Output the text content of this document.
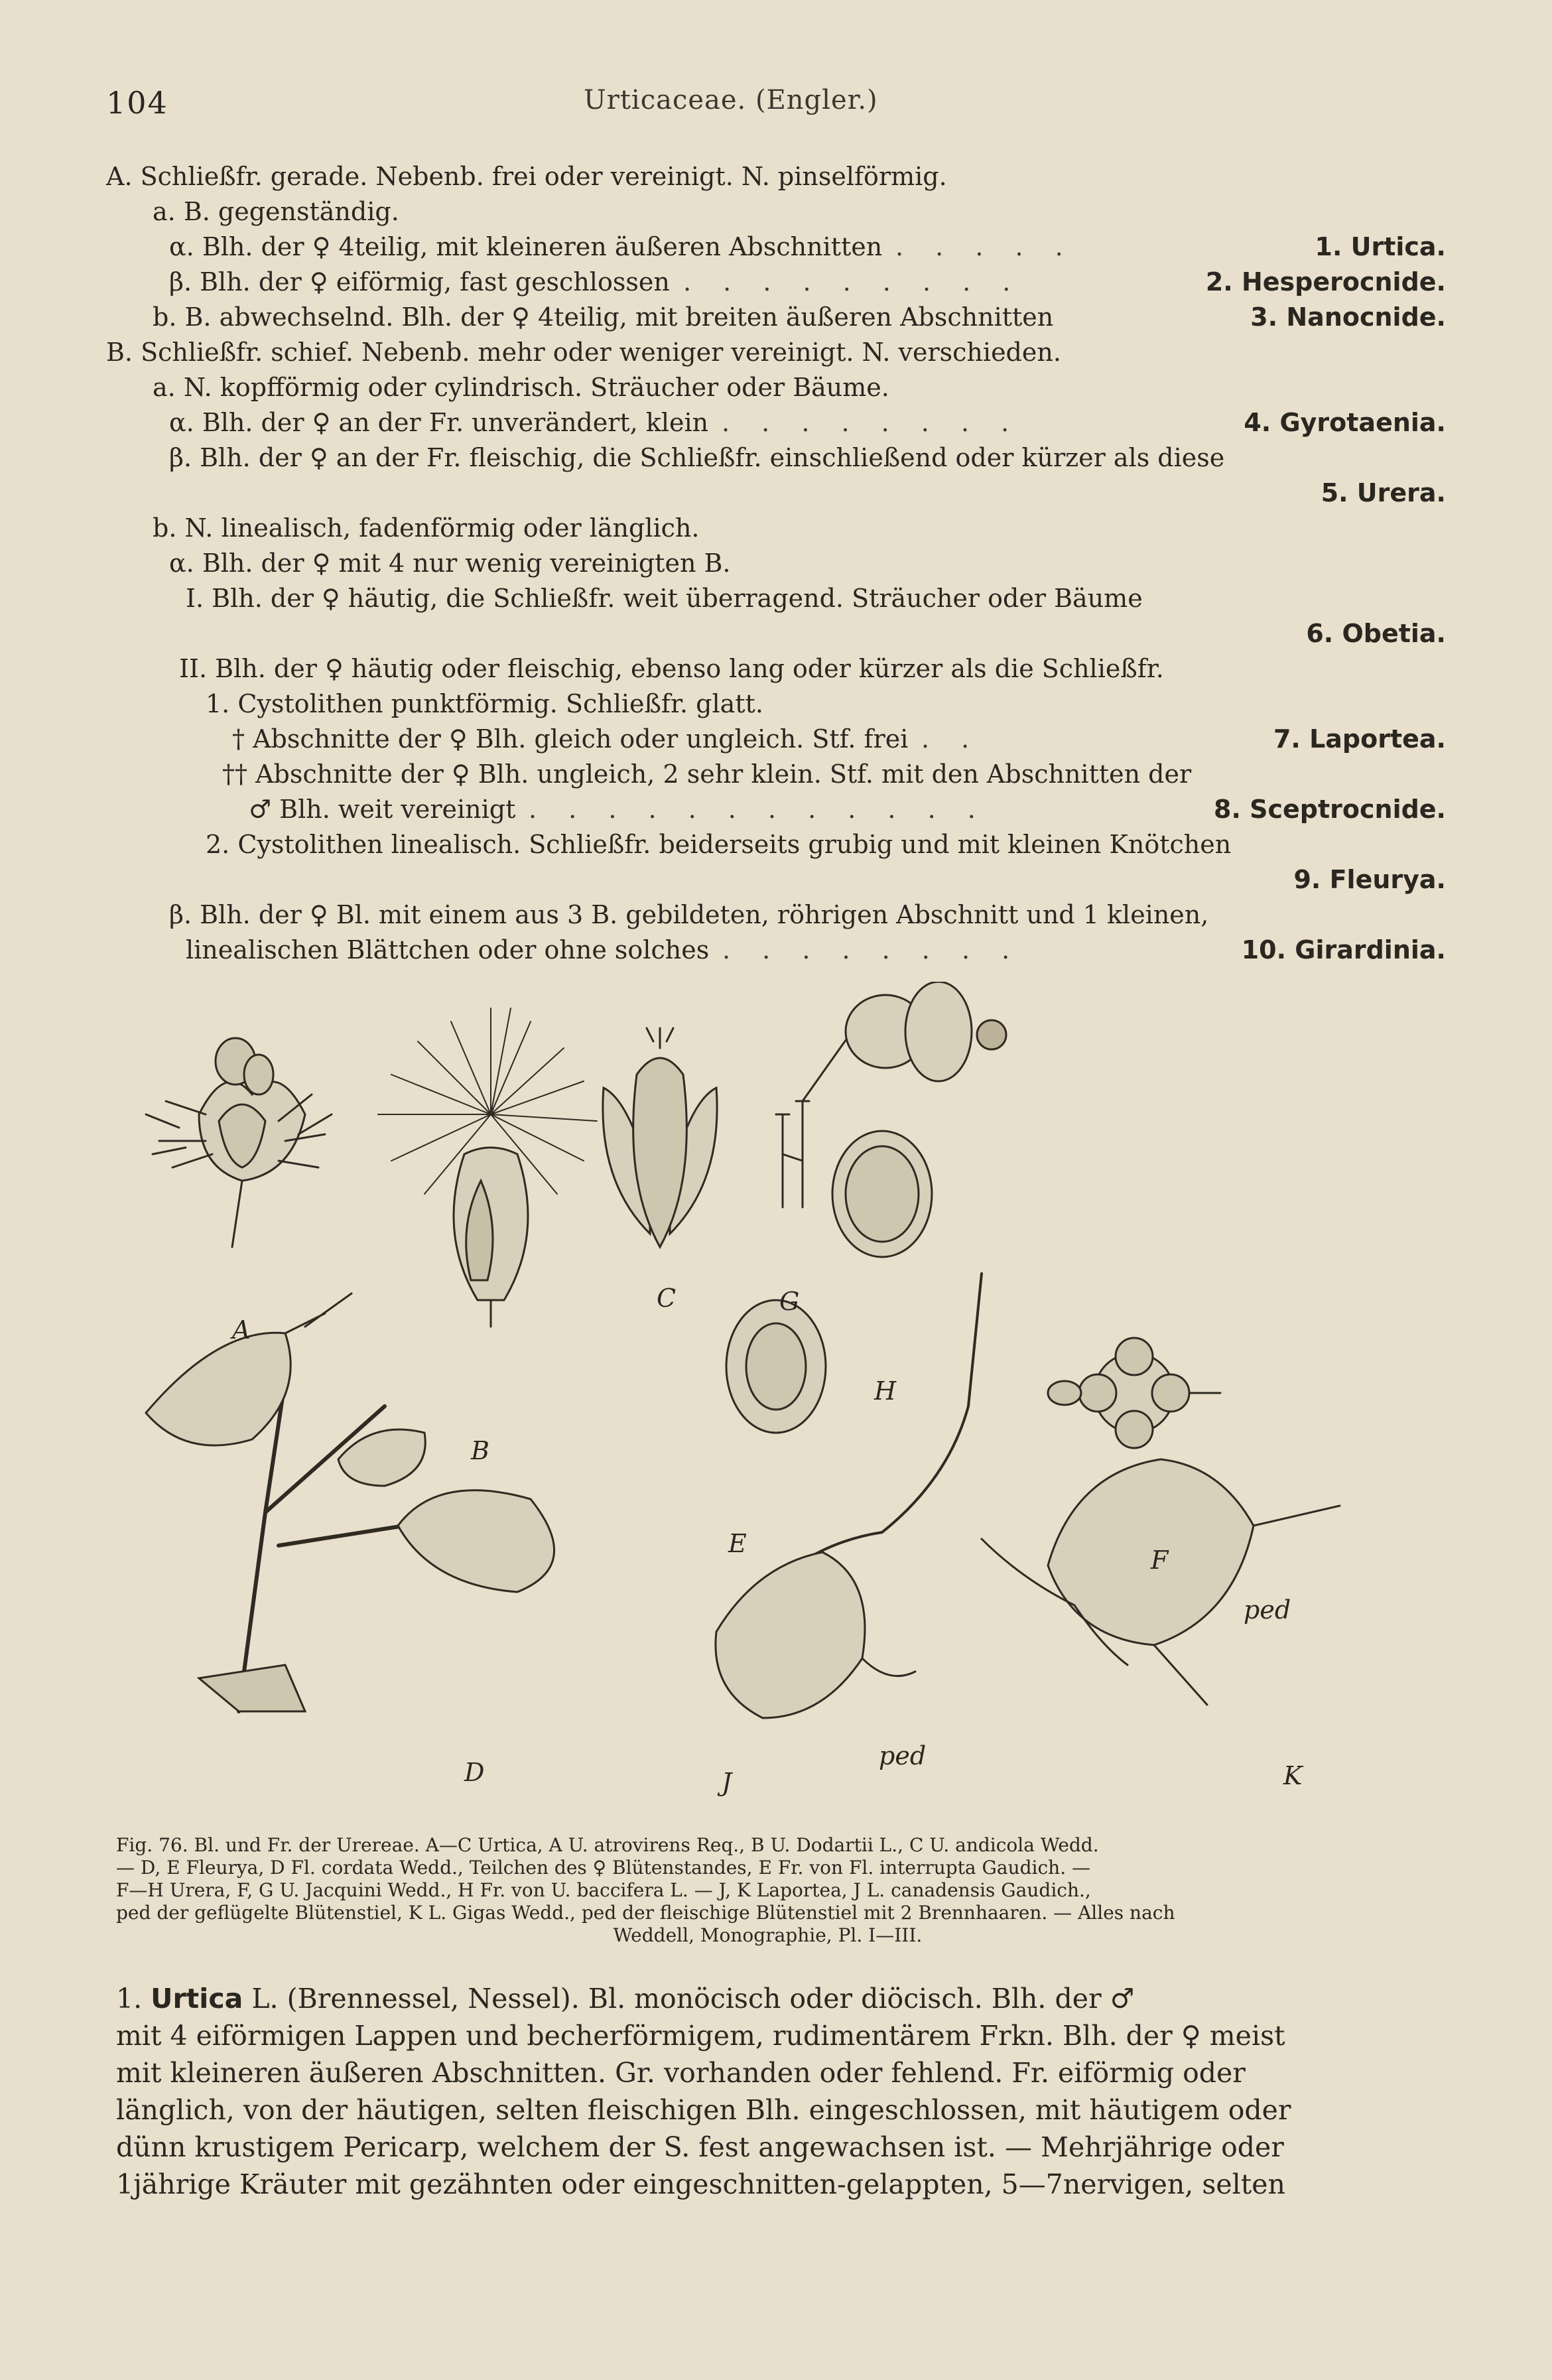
104	Urticaceae. (Engler.)
A. Schließfr. gerade. Nebenb. frei oder vereinigt. N. pinselförmig.
a. B. gegenständig.
α. Blh. der ♀ 4teilig, mit kleineren äußeren Abschnitten . . . . .	1. Urtica.
β. Blh. der ♀ eiförmig, fast geschlossen . . . . . . . . .	2. Hesperocnide.
b. B. abwechselnd. Blh. der ♀ 4teilig, mit breiten äußeren Abschnitten	3. Nanocnide.
B. Schließfr. schief. Nebenb. mehr oder weniger vereinigt. N. verschieden.
a. N. kopfförmig oder cylindrisch. Sträucher oder Bäume.
α. Blh. der ♀ an der Fr. unverändert, klein . . . . . . . .	4. Gyrotaenia.
β. Blh. der ♀ an der Fr. fleischig, die Schließfr. einschließend oder kürzer als diese
5. Urera.
b. N. linealisch, fadenförmig oder länglich.
α. Blh. der ♀ mit 4 nur wenig vereinigten B.
I. Blh. der ♀ häutig, die Schließfr. weit überragend. Sträucher oder Bäume
6. Obetia.
II. Blh. der ♀ häutig oder fleischig, ebenso lang oder kürzer als die Schließfr.
1. Cystolithen punktförmig. Schließfr. glatt.
† Abschnitte der ♀ Blh. gleich oder ungleich. Stf. frei . .	7. Laportea.
†† Abschnitte der ♀ Blh. ungleich, 2 sehr klein. Stf. mit den Abschnitten der
♂ Blh. weit vereinigt . . . . . . . . . . . .	8. Sceptrocnide.
2. Cystolithen linealisch. Schließfr. beiderseits grubig und mit kleinen Knötchen
9. Fleurya.
β. Blh. der ♀ Bl. mit einem aus 3 B. gebildeten, röhrigen Abschnitt und 1 kleinen,
linealischen Blättchen oder ohne solches . . . . . . . .	10. Girardinia.
A
B
C	G
H
E
F
D	J	K
ped
ped
Fig. 76. Bl. und Fr. der Urereae. A—C Urtica, A U. atrovirens Req., B U. Dodartii L., C U. andicola Wedd.
— D, E Fleurya, D Fl. cordata Wedd., Teilchen des ♀ Blütenstandes, E Fr. von Fl. interrupta Gaudich. —
F—H Urera, F, G U. Jacquini Wedd., H Fr. von U. baccifera L. — J, K Laportea, J L. canadensis Gaudich.,
ped der geflügelte Blütenstiel, K L. Gigas Wedd., ped der fleischige Blütenstiel mit 2 Brennhaaren. — Alles nach
Weddell, Monographie, Pl. I—III.
1. Urtica L. (Brennessel, Nessel). Bl. monöcisch oder diöcisch. Blh. der ♂
mit 4 eiförmigen Lappen und becherförmigem, rudimentärem Frkn. Blh. der ♀ meist
mit kleineren äußeren Abschnitten. Gr. vorhanden oder fehlend. Fr. eiförmig oder
länglich, von der häutigen, selten fleischigen Blh. eingeschlossen, mit häutigem oder
dünn krustigem Pericarp, welchem der S. fest angewachsen ist. — Mehrjährige oder
1jährige Kräuter mit gezähnten oder eingeschnitten-gelappten, 5—7nervigen, selten
